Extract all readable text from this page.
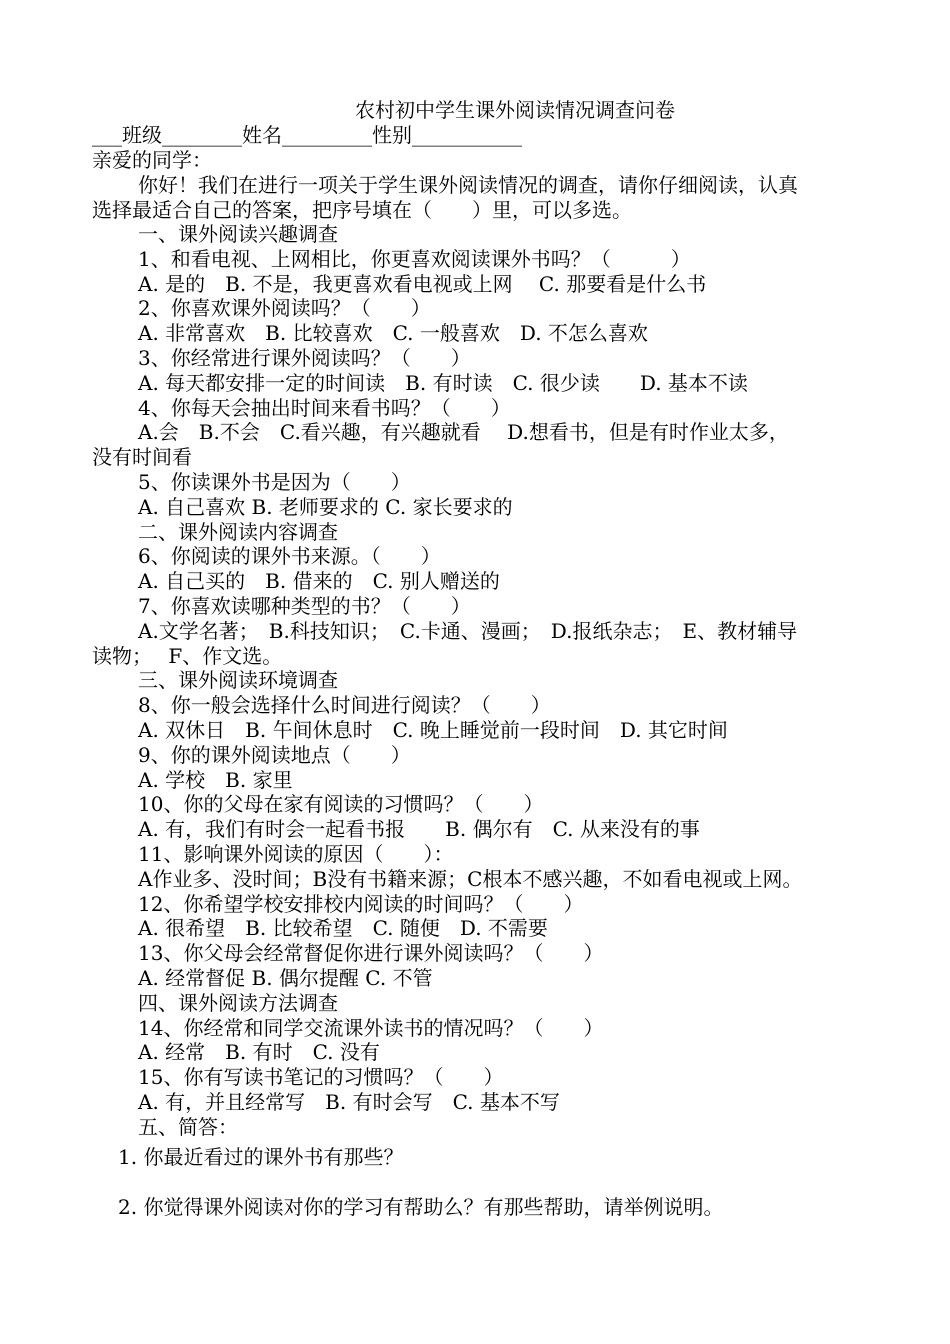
农村初中学生课外阅读情况调查问卷
___班级________姓名_________性别___________
亲爱的同学：
你好！我们在进行一项关于学生课外阅读情况的调查，请你仔细阅读，认真
选择最适合自己的答案，把序号填在（　　）里，可以多选。
一、课外阅读兴趣调查
1、和看电视、上网相比，你更喜欢阅读课外书吗？（　　　）
A. 是的　B. 不是，我更喜欢看电视或上网　 C. 那要看是什么书
2、你喜欢课外阅读吗？（　　）
A. 非常喜欢　B. 比较喜欢　C. 一般喜欢　D. 不怎么喜欢
3、你经常进行课外阅读吗？（　　）
A. 每天都安排一定的时间读　B. 有时读　C. 很少读　　D. 基本不读
4、你每天会抽出时间来看书吗？（　　）
A.会　B.不会　C.看兴趣，有兴趣就看　 D.想看书，但是有时作业太多，
没有时间看
5、你读课外书是因为（　　）
A. 自己喜欢 B. 老师要求的 C. 家长要求的
二、课外阅读内容调查
6、你阅读的课外书来源。（　　）
A. 自己买的　B. 借来的　C. 别人赠送的
7、你喜欢读哪种类型的书？（　　）
A.文学名著；　B.科技知识；　C.卡通、漫画；　D.报纸杂志；　E、教材辅导
读物；　 F、作文选。
三、课外阅读环境调查
8、你一般会选择什么时间进行阅读？（　　）
A. 双休日　B. 午间休息时　C. 晚上睡觉前一段时间　D. 其它时间
9、你的课外阅读地点（　　）
A. 学校　B. 家里
10、你的父母在家有阅读的习惯吗？（　　）
A. 有，我们有时会一起看书报　　B. 偶尔有　C. 从来没有的事
11、影响课外阅读的原因（　　）：
A作业多、没时间；B没有书籍来源；C根本不感兴趣，不如看电视或上网。
12、你希望学校安排校内阅读的时间吗？（　　）
A. 很希望　B. 比较希望　C. 随便　D. 不需要
13、你父母会经常督促你进行课外阅读吗？（　　）
A. 经常督促 B. 偶尔提醒 C. 不管
四、课外阅读方法调查
14、你经常和同学交流课外读书的情况吗？（　　）
A. 经常　B. 有时　C. 没有
15、你有写读书笔记的习惯吗？（　　）
A. 有，并且经常写　B. 有时会写　C. 基本不写
五、简答：
1. 你最近看过的课外书有那些？
2. 你觉得课外阅读对你的学习有帮助么？有那些帮助，请举例说明。
